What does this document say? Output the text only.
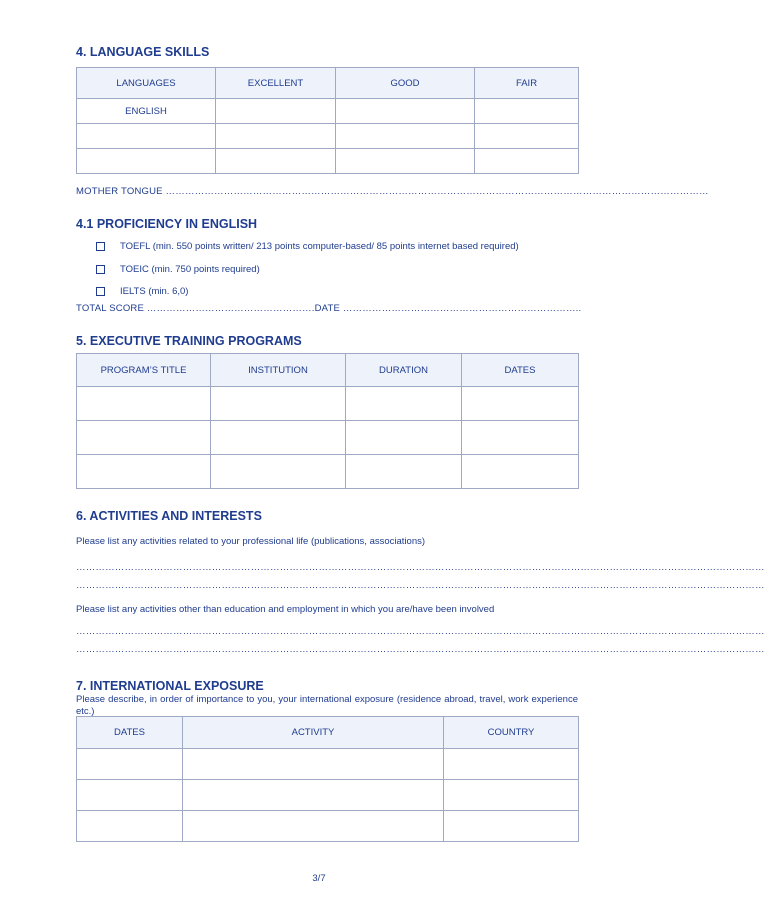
4. LANGUAGE SKILLS
LANGUAGES	EXCELLENT	GOOD	FAIR
ENGLISH			

MOTHER TONGUE ……………………………………………………………………………………………………………………………………………………
4.1 PROFICIENCY IN ENGLISH
TOEFL (min. 550 points written/ 213 points computer-based/ 85 points internet based required)
TOEIC (min. 750 points required)
IELTS (min. 6,0)
TOTAL SCORE …………………………………………….DATE ………………………………………………………………..
5. EXECUTIVE TRAINING PROGRAMS
PROGRAM’S TITLE	INSTITUTION	DURATION	DATES

6. ACTIVITIES AND INTERESTS
Please list any activities related to your professional life (publications, associations)
……………………………………………………………………………………………………………………………………………………………………………………………
……………………………………………………………………………………………………………………………………………………………………………………………
Please list any activities other than education and employment in which you are/have been involved
……………………………………………………………………………………………………………………………………………………………………………………………
……………………………………………………………………………………………………………………………………………………………………………………………
7. INTERNATIONAL EXPOSURE
Please describe, in order of importance to you, your international exposure (residence abroad, travel, work experience etc.)
DATES	ACTIVITY	COUNTRY

3/7
